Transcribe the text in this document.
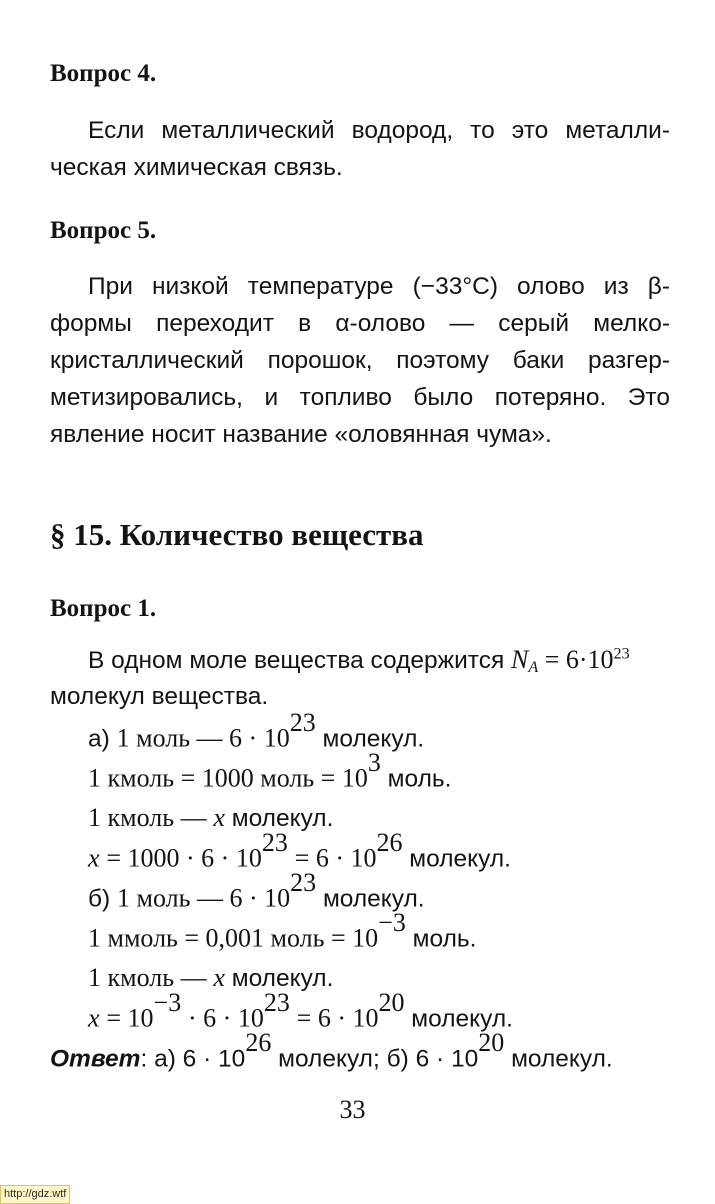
Вопрос 4.

Если металлический водород, то это металли-

ческая химическая связь.

Вопрос 5.

При низкой температуре (−33°C) олово из β-

формы переходит в α-олово — серый мелко-

кристаллический порошок, поэтому баки разгер-

метизировались, и топливо было потеряно. Это

явление носит название «оловянная чума».

§ 15. Количество вещества
Вопрос 1.
В одном моле вещества содержится $N_A = 6\cdot 10^{23}$
молекул вещества.
а) 1 моль — $6 \cdot 10^{23}$ молекул.
1 кмоль = 1000 моль = $10^3$ моль.
1 кмоль — x молекул.
$x = 1000 \cdot 6 \cdot 10^{23} = 6 \cdot 10^{26}$ молекул.
б) 1 моль — $6 \cdot 10^{23}$ молекул.
1 ммоль = 0,001 моль = $10^{-3}$ моль.
1 кмоль — x молекул.
$x = 10^{-3} \cdot 6 \cdot 10^{23} = 6 \cdot 10^{20}$ молекул.
Ответ: а) $6 \cdot 10^{26}$ молекул; б) $6 \cdot 10^{20}$ молекул.
33
http://gdz.wtf
